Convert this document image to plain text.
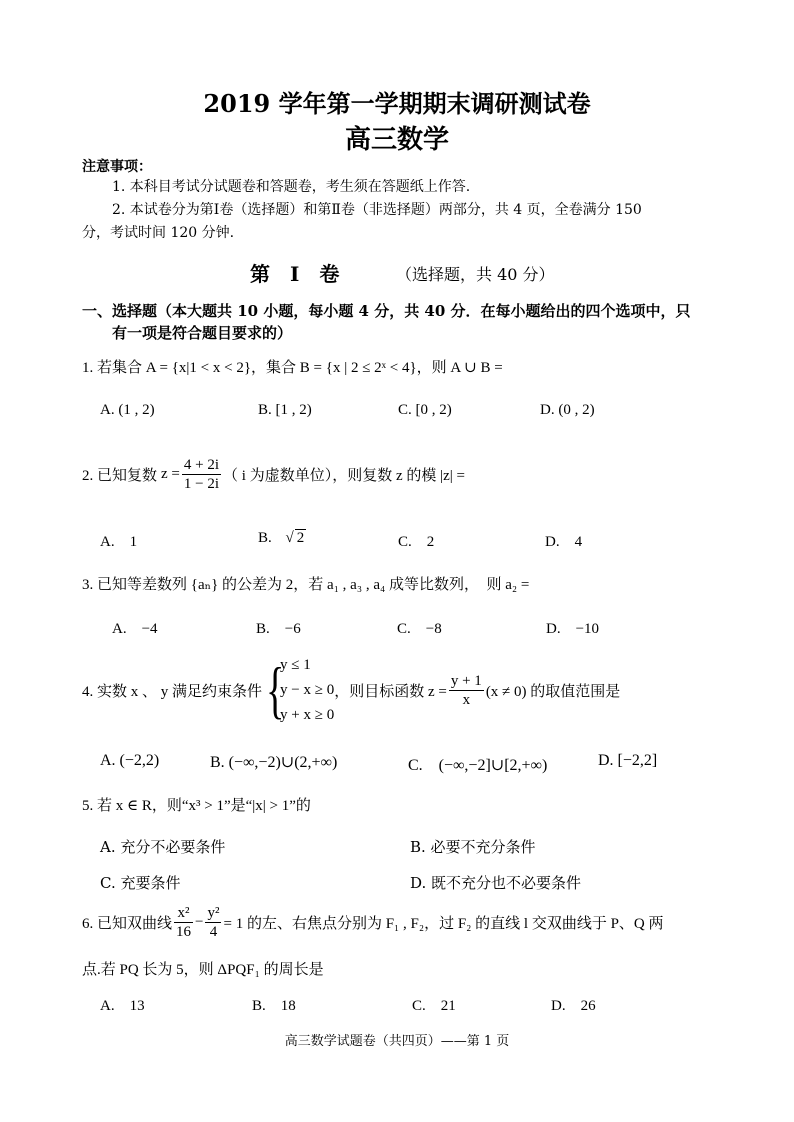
2019 学年第一学期期末调研测试卷
高三数学
注意事项：
1. 本科目考试分试题卷和答题卷，考生须在答题纸上作答.
2. 本试卷分为第Ⅰ卷（选择题）和第Ⅱ卷（非选择题）两部分，共 4 页，全卷满分 150
分，考试时间 120 分钟.
第　Ⅰ　卷	（选择题，共 40 分）
一、选择题（本大题共 10 小题，每小题 4 分，共 40 分．在每小题给出的四个选项中，只
有一项是符合题目要求的）
1. 若集合 A = {x|1 < x < 2}，集合 B = {x | 2 ≤ 2ˣ < 4}，则 A ∪ B =
A. (1 , 2)	B. [1 , 2)	C. [0 , 2)	D. (0 , 2)
2. 已知复数 $z = \frac{4 + 2i}{1 - 2i}$ （ i 为虚数单位），则复数 z 的模 |z| =
A.　1	B. √ 2	C.　2	D.　4
3. 已知等差数列 {aₙ} 的公差为 2，若 a₁ , a₃ , a₄ 成等比数列，　则 a₂ =
A.　−4	B.　−6	C.　−8	D.　−10
4. 实数 x 、 y 满足约束条件 {
y ≤ 1
y − x ≥ 0
y + x ≥ 0
，则目标函数 $z = \frac{y + 1}{x} (x \ne 0)$ 的取值范围是
A. (−2,2)	B. (−∞,−2)∪(2,+∞)	C.　(−∞,−2]∪[2,+∞)	D. [−2,2]
5. 若 x ∈ R，则“x³ > 1”是“|x| > 1”的
A. 充分不必要条件	B. 必要不充分条件
C. 充要条件	D. 既不充分也不必要条件
6. 已知双曲线 $\frac{\text{x²}}{16} - \frac{\text{y²}}{4} = 1$ 的左、右焦点分别为 F₁ , F₂，过 F₂ 的直线 l 交双曲线于 P、Q 两
点.若 PQ 长为 5，则 ΔPQF₁ 的周长是
A.　13	B.　18	C.　21	D.　26
高三数学试题卷（共四页）——第 1 页
